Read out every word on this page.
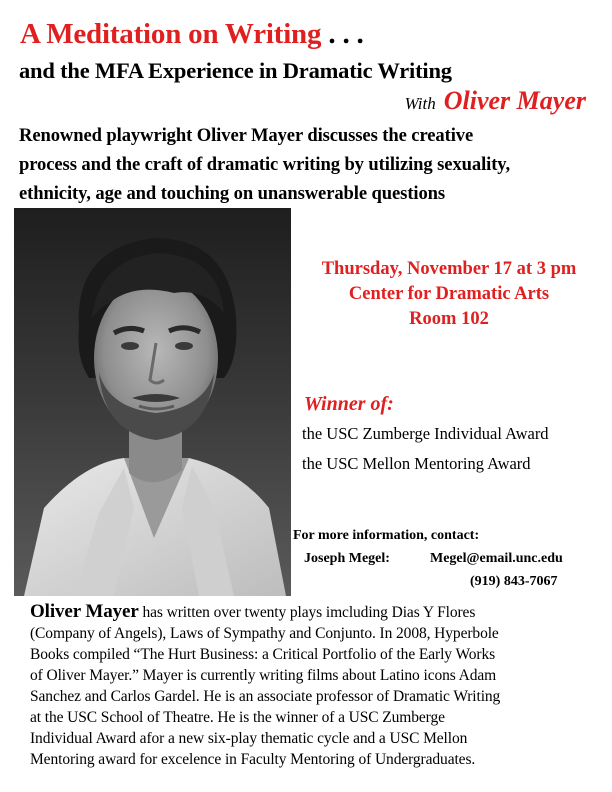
A Meditation on Writing . . .
and the MFA Experience in Dramatic Writing
With Oliver Mayer
Renowned playwright Oliver Mayer discusses the creative
process and the craft of dramatic writing by utilizing sexuality,
ethnicity, age and touching on unanswerable questions
Thursday, November 17 at 3 pm
Center for Dramatic Arts
Room 102
Winner of:
the USC Zumberge Individual Award
the USC Mellon Mentoring Award
For more information, contact:
Joseph Megel:	Megel@email.unc.edu
(919) 843-7067
Oliver Mayer has written over twenty plays imcluding Dias Y Flores
(Company of Angels), Laws of Sympathy and Conjunto. In 2008, Hyperbole
Books compiled “The Hurt Business: a Critical Portfolio of the Early Works
of Oliver Mayer.” Mayer is currently writing films about Latino icons Adam
Sanchez and Carlos Gardel. He is an associate professor of Dramatic Writing
at the USC School of Theatre. He is the winner of a USC Zumberge
Individual Award afor a new six-play thematic cycle and a USC Mellon
Mentoring award for excelence in Faculty Mentoring of Undergraduates.
